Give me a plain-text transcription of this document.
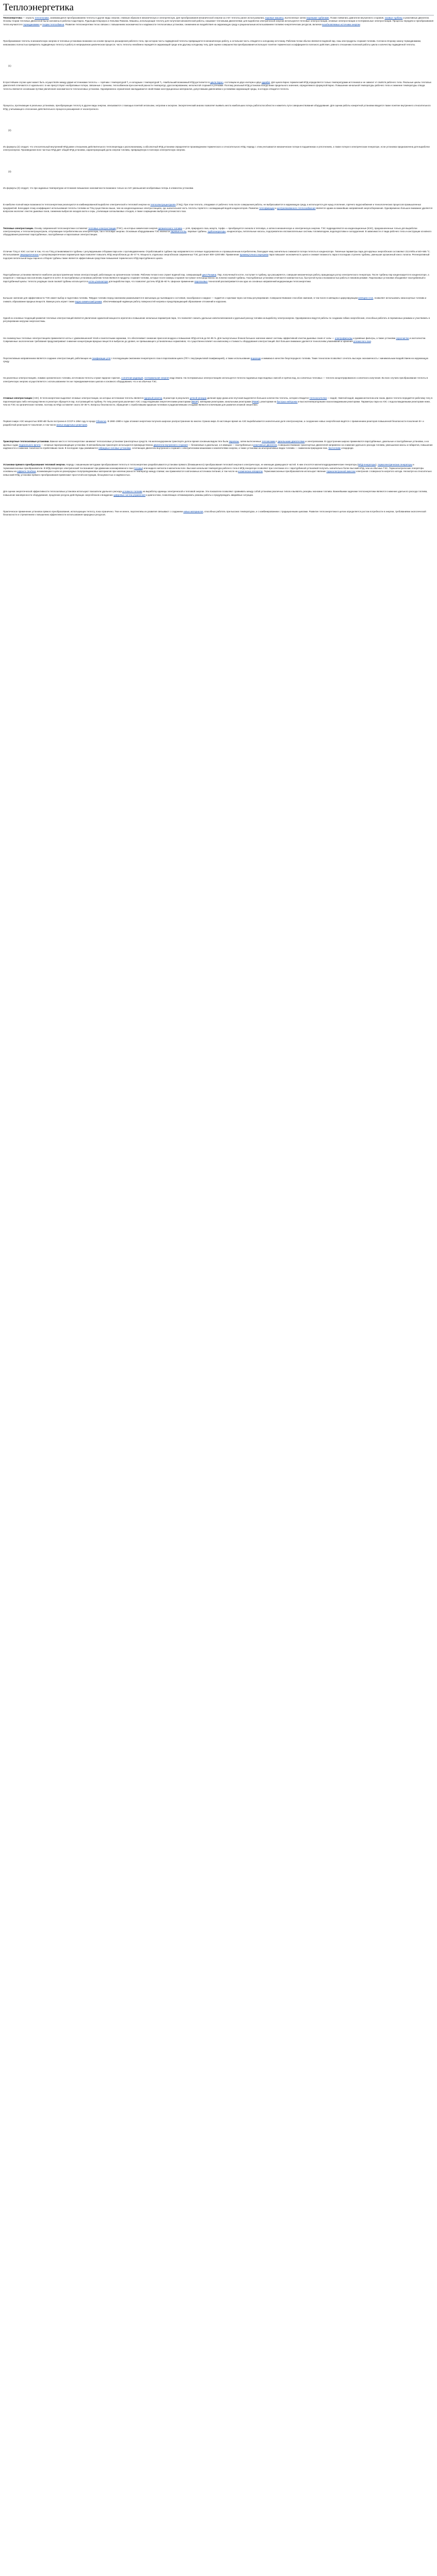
Теплоэнергетика

Теплоэнергетика — отрасль теплотехники, занимающаяся преобразованием теплоты в другие виды энергии, главным образом в механическую и электрическую. Для преобразования механической энергии за счёт теплоты ранее использовались паровые машины, вытесненные затем паровыми турбинами. Позже появились двигатели внутреннего сгорания, газовые турбины и реактивные двигатели. Основы теории тепловых двигателей были заложены в работах Сади Карно, Рудольфа Клаузиуса и Уильяма Ранкина. Машины, использующие теплоту для получения механической работы, называют тепловыми двигателями; для выработки электрической энергии используются тепловые электростанции, атомные электростанции и геотермальные электростанции. Процессы передачи и преобразования тепла изучаются в термодинамике и теории теплообмена. Развитие теплоэнергетики тесно связано с повышением экономичности и надёжности теплосиловых установок, снижением их воздействия на окружающую среду и рациональным использованием топливно-энергетических ресурсов, включая возобновляемые источники энергии.

Преобразование теплоты в механическую энергию в тепловых установках возможно на основе процесса расширения рабочего тела, при котором часть подведённой теплоты превращается в механическую работу, а остальная часть отводится к холодному источнику. Рабочим телом обычно являются водяной пар, газы или продукты сгорания топлива. Согласно второму закону термодинамики, невозможно полностью превратить подведённую теплоту в работу в непрерывном циклическом процессе; часть теплоты неизбежно передаётся окружающей среде или другому холодному телу. Для оценки совершенства преобразования используют понятие термического коэффициента полезного действия, равного отношению полезной работы цикла к количеству подведённой теплоты.

(1)

В простейшем случае цикл может быть осуществлён между двумя источниками теплоты — горячим с температурой T₁ и холодным с температурой T₂. Наибольший возможный КПД достигается в цикле Карно, состоящем из двух изотерм и двух адиабат. Для цикла Карно термический КПД определяется только температурами источников и не зависит от свойств рабочего тела. Реальные циклы тепловых двигателей отличаются от идеального: в них присутствуют необратимые потери, связанные с трением, теплообменом при конечной разности температур, дросселированием, неполнотой сгорания и утечками. Поэтому реальный КПД установок всегда ниже предельного значения, определяемого формулой Карно. Повышение начальной температуры рабочего тела и снижение температуры отвода теплоты являются основными путями увеличения экономичности теплосиловых установок. Одновременно ограничения накладываются свойствами конструкционных материалов, допустимыми давлениями и условиями окружающей среды, в которую отводится теплота.

Процессы, протекающие в реальных установках, преобразующих теплоту в другие виды энергии, описываются с помощью понятий энтальпии, энтропии и эксергии. Эксергетический анализ позволяет выявить места наибольших потерь работоспособности и наметить пути совершенствования оборудования. Для оценки работы конкретной установки вводится также понятие внутреннего относительного КПД, учитывающего отклонение действительного процесса расширения от изоэнтропного.

(2)

Из формулы (2) следует, что относительный внутренний КПД равен отношению действительного теплоперепада к располагаемому, а абсолютный КПД установки определяется произведением термического и относительного КПД. Наряду с этим учитываются механические потери в подшипниках и уплотнениях, а также потери в электрическом генераторе, если установка предназначена для выработки электроэнергии. Произведение всех частных КПД даёт общий КПД установки, характеризующий долю энергии топлива, превращённую в полезную электрическую энергию.

(3)

Из формулы (3) следует, что при заданных температурах источников повышение экономичности возможно только за счёт уменьшения необратимых потерь в элементах установки.

В наиболее полной мере возможности теплоэнергетики реализуются в комбинированной выработке электрической и тепловой энергии на теплоэлектроцентралях (ТЭЦ). При этом теплота, отводимая от рабочего тела после совершения работы, не выбрасывается в окружающую среду, а используется для нужд отопления, горячего водоснабжения и технологических процессов промышленных предприятий. Благодаря этому коэффициент использования теплоты топлива на ТЭЦ существенно выше, чем на конденсационных электростанциях, где значительная часть теплоты теряется с охлаждающей водой конденсаторов. Развитие теплофикации и централизованного теплоснабжения является одним из важнейших направлений энергосбережения. Одновременно большое внимание уделяется вопросам экологии: очистке дымовых газов, снижению выбросов оксидов азота и серы, утилизации золошлаковых отходов, а также сокращению выбросов углекислого газа.

Тепловые электростанции. Основу современной теплоэнергетики составляют тепловые электростанции (ТЭС), на которых химическая энергия органического топлива — угля, природного газа, мазута, торфа — преобразуется сначала в тепловую, а затем в механическую и электрическую энергию. ТЭС подразделяются на конденсационные (КЭС), предназначенные только для выработки электроэнергии, и теплоэлектроцентрали, отпускающие потребителям как электрическую, так и тепловую энергию. Основным оборудованием ТЭС являются паровые котлы, паровые турбины, турбогенераторы, конденсаторы, питательные насосы, подогреватели и вспомогательные системы топливоподачи, водоподготовки и золоудаления. В зависимости от вида рабочего тела и конструкции основного оборудования различают паротурбинные, газотурбинные и парогазовые электростанции.

Отличие ТЭЦ от КЭС состоит в том, что на ТЭЦ устанавливаются турбины с регулируемыми отборами пара или с противодавлением. Отработавший в турбине пар направляется в сетевые подогреватели и к промышленным потребителям, благодаря чему значительно снижаются потери теплоты в конденсаторе. Типичные параметры пара для крупных энергоблоков составляют 23,5 МПа и 540–565 °C. Использование сверхкритических и суперсверхкритических параметров пара позволяет повысить КПД энергоблоков до 45–47 %. Мощность отдельных энергоблоков современных ТЭС достигает 800–1200 МВт. Применение промежуточного перегрева пара повышает экономичность цикла и снижает влажность пара в последних ступенях турбины, уменьшая эрозионный износ лопаток. Регенеративный подогрев питательной воды паром из отборов турбины также является эффективным средством повышения термического КПД паротурбинного цикла.

Паротурбинные установки являются наиболее распространённым типом электростанций, работающих на органическом топливе. Рабочим телом в них служит водяной пар, совершающий цикл Ренкина. Пар, полученный в котле, поступает в турбину, где расширяется, совершая механическую работу, вращающую ротор электрического генератора. После турбины пар конденсируется в конденсаторе, а конденсат с помощью насосов вновь подаётся в котёл. В газотурбинных установках рабочим телом являются продукты сгорания топлива, которые после камеры сгорания поступают непосредственно на лопатки газовой турбины. Газотурбинные установки отличаются компактностью, быстротой пуска и возможностью работы в пиковом режиме. Парогазовые установки объединяют газотурбинный и паротурбинный циклы: теплота уходящих газов газовой турбины используется в котле-утилизаторе для выработки пара, что позволяет достичь КПД 55–60 %. Широкое применение парогазовых технологий рассматривается как одно из основных направлений модернизации теплоэнергетики.

Большое значение для эффективности ТЭС имеет выбор и подготовка топлива. Твёрдое топливо перед сжиганием размалывается в мельницах до пылевидного состояния, газообразное и жидкое — подаётся к горелкам через системы регулирования. Совершенствование способов сжигания, в том числе в кипящем и циркулирующем кипящем слое, позволяет использовать низкосортные топлива и снижать образование вредных веществ. Важную роль играет также водно-химический режим, обеспечивающий надёжную работу поверхностей нагрева и предотвращающий образование отложений и коррозию.

Одной из основных тенденций развития тепловых электростанций является увеличение единичной мощности агрегатов и повышение начальных параметров пара, что позволяет снизить удельные капиталовложения и удельный расход топлива на выработку электроэнергии. Одновременно ведутся работы по созданию гибких энергоблоков, способных работать в переменных режимах и участвовать в регулировании нагрузки энергосистемы.

На газомазутных тепловых электростанциях применяются котлы с уравновешенной тягой и газоплотными экранами, что обеспечивает снижение присосов воздуха и повышение КПД котлов до 94–95 %. Для пылеугольных блоков большое значение имеют системы эффективной очистки дымовых газов от золы — электрофильтры и рукавные фильтры, а также установки сероочистки и азотоочистки. Современные экологические требования предусматривают снижение концентрации вредных веществ в выбросах до уровня, не превышающего установленных нормативов, что существенно влияет на компоновку и стоимость оборудования электростанций. Всё большее внимание уделяется технологиям улавливания и хранения углекислого газа.

Перспективным направлением является создание электростанций, работающих на газификации угля с последующим сжиганием генераторного газа в парогазовом цикле (ПГУ с внутрицикловой газификацией), а также использование водорода и аммиака в качестве безуглеродного топлива. Такие технологии позволяют сочетать высокую экономичность с минимальным воздействием на окружающую среду.

На различных электростанциях, помимо органического топлива, источником теплоты служат ядерное горючее, солнечная радиация, геотермальная энергия недр Земли. На геотермальных электростанциях используется теплота подземных паро-водяных смесей и горячих вод, на солнечных тепловых — теплота концентрированного солнечного излучения. Во всех случаях преобразование теплоты в электрическую энергию осуществляется с использованием тех же термодинамических циклов и основного оборудования, что и на обычных ТЭС.

Атомные электростанции (АЭС). В теплоэнергетике выделяют атомные электростанции, на которых источником теплоты является ядерный реактор. В реакторе в результате цепной реакции деления ядер урана или плутония выделяется большое количество теплоты, которая отводится теплоносителем — водой, тяжёлой водой, жидким металлом или газом. Далее теплота передаётся рабочему телу в парогенераторах либо непосредственно в реакторе образуется пар, поступающий на турбину. По типу реакторов различают АЭС с водо-водяными энергетическими реакторами (ВВЭР), кипящими реакторами, канальными реакторами (РБМК), реакторами на быстрых нейтронах и высокотемпературными газоохлаждаемыми реакторами. Параметры пара на АЭС с водоохлаждаемыми реакторами ниже, чем на ТЭС на органическом топливе, поэтому их КПД составляет около 33–36 %. Вопросы безопасности, обращения с отработавшим ядерным топливом и радиоактивными отходами являются ключевыми для развития атомной энергетики.

Первая в мире АЭС мощностью 5000 кВт была построена в СССР в 1954 году в городе Обнинске. В 1960–1980-х годах атомная энергетика получила широкое распространение во многих странах мира. В настоящее время на АЭС вырабатывается значительная доля электроэнергии, а сооружение новых энергоблоков ведётся с применением реакторов повышенной безопасности поколения III+ и разработкой реакторов IV поколения, в том числе малых модульных реакторов.

Транспортные теплосиловые установки. Важное место в теплоэнергетике занимают теплосиловые установки транспортных средств. На железнодорожном транспорте долгое время основным видом тяги были паровозы, затем вытесненные тепловозами с дизельными двигателями и электровозами. В судостроении широко применяются паротурбинные, дизельные и газотурбинные установки, а на крупных судах ледокольного флота — атомные паропроизводящие установки. В автомобильном транспорте используются преимущественно двигатели внутреннего сгорания — бензиновые и дизельные, а в авиации — газотурбинные и реактивные двигатели. Совершенствование транспортных двигателей направлено на снижение удельного расхода топлива, уменьшение массы и габаритов, повышение надёжности и снижение токсичности отработавших газов. В последние годы развиваются гибридные силовые установки, сочетающие двигатели внутреннего сгорания с электрическими машинами и накопителями энергии, а также установки на альтернативных видах топлива — сжиженном природном газе, биотопливе и водороде.

Установки прямого преобразования тепловой энергии. Наряду с машинными методами преобразования теплоты в теплоэнергетике разрабатываются установки прямого (безмашинного) преобразования тепловой энергии в электрическую, не имеющие движущихся частей. К ним относятся магнитогидродинамические генераторы (МГД-генераторы), термоэлектрические генераторы и термоэмиссионные преобразователи. В МГД-генераторе электрический ток возникает при движении ионизированного газа (плазмы) или жидкого металла в магнитном поле. Высокая начальная температура рабочего тела в МГД-генераторе позволяет при сочетании его с паротурбинной установкой получить значительно более высокий КПД, чем на обычных ТЭС. Термоэлектрические генераторы основаны на эффекте Зеебека, возникающем в цепи из разнородных полупроводниковых материалов при наличии разности температур между спаями; они применяются в автономных источниках питания, в том числе на космических аппаратах. Термоэмиссионные преобразователи используют явление термоэлектронной эмиссии электронов с поверхности нагретого катода. Несмотря на относительно невысокий КПД, установки прямого преобразования привлекают простотой конструкции, бесшумностью и надёжностью.

Для оценки энергетической эффективности теплосиловых установок используют показатели удельного расхода условного топлива на выработку единицы электрической и тепловой энергии. Эти показатели позволяют сравнивать между собой установки различных типов и выявлять резервы экономии топлива. Важнейшими задачами теплоэнергетики являются снижение удельного расхода топлива, повышение маневренности оборудования, продление ресурса действующих энергоблоков и внедрение цифровых систем управления и диагностики, позволяющих оптимизировать режимы работы и предупреждать аварийные ситуации.

Практическое применение установок прямого преобразования, использующих теплоту, пока ограничено. Тем не менее, перспективы их развития связывают с созданием новых материалов, способных работать при высоких температурах, и с комбинированием с традиционными циклами. Развитие теплоэнергетики в целом определяется ростом потребности в энергии, требованиями экологической безопасности и стремлением к повышению эффективности использования природных ресурсов.
